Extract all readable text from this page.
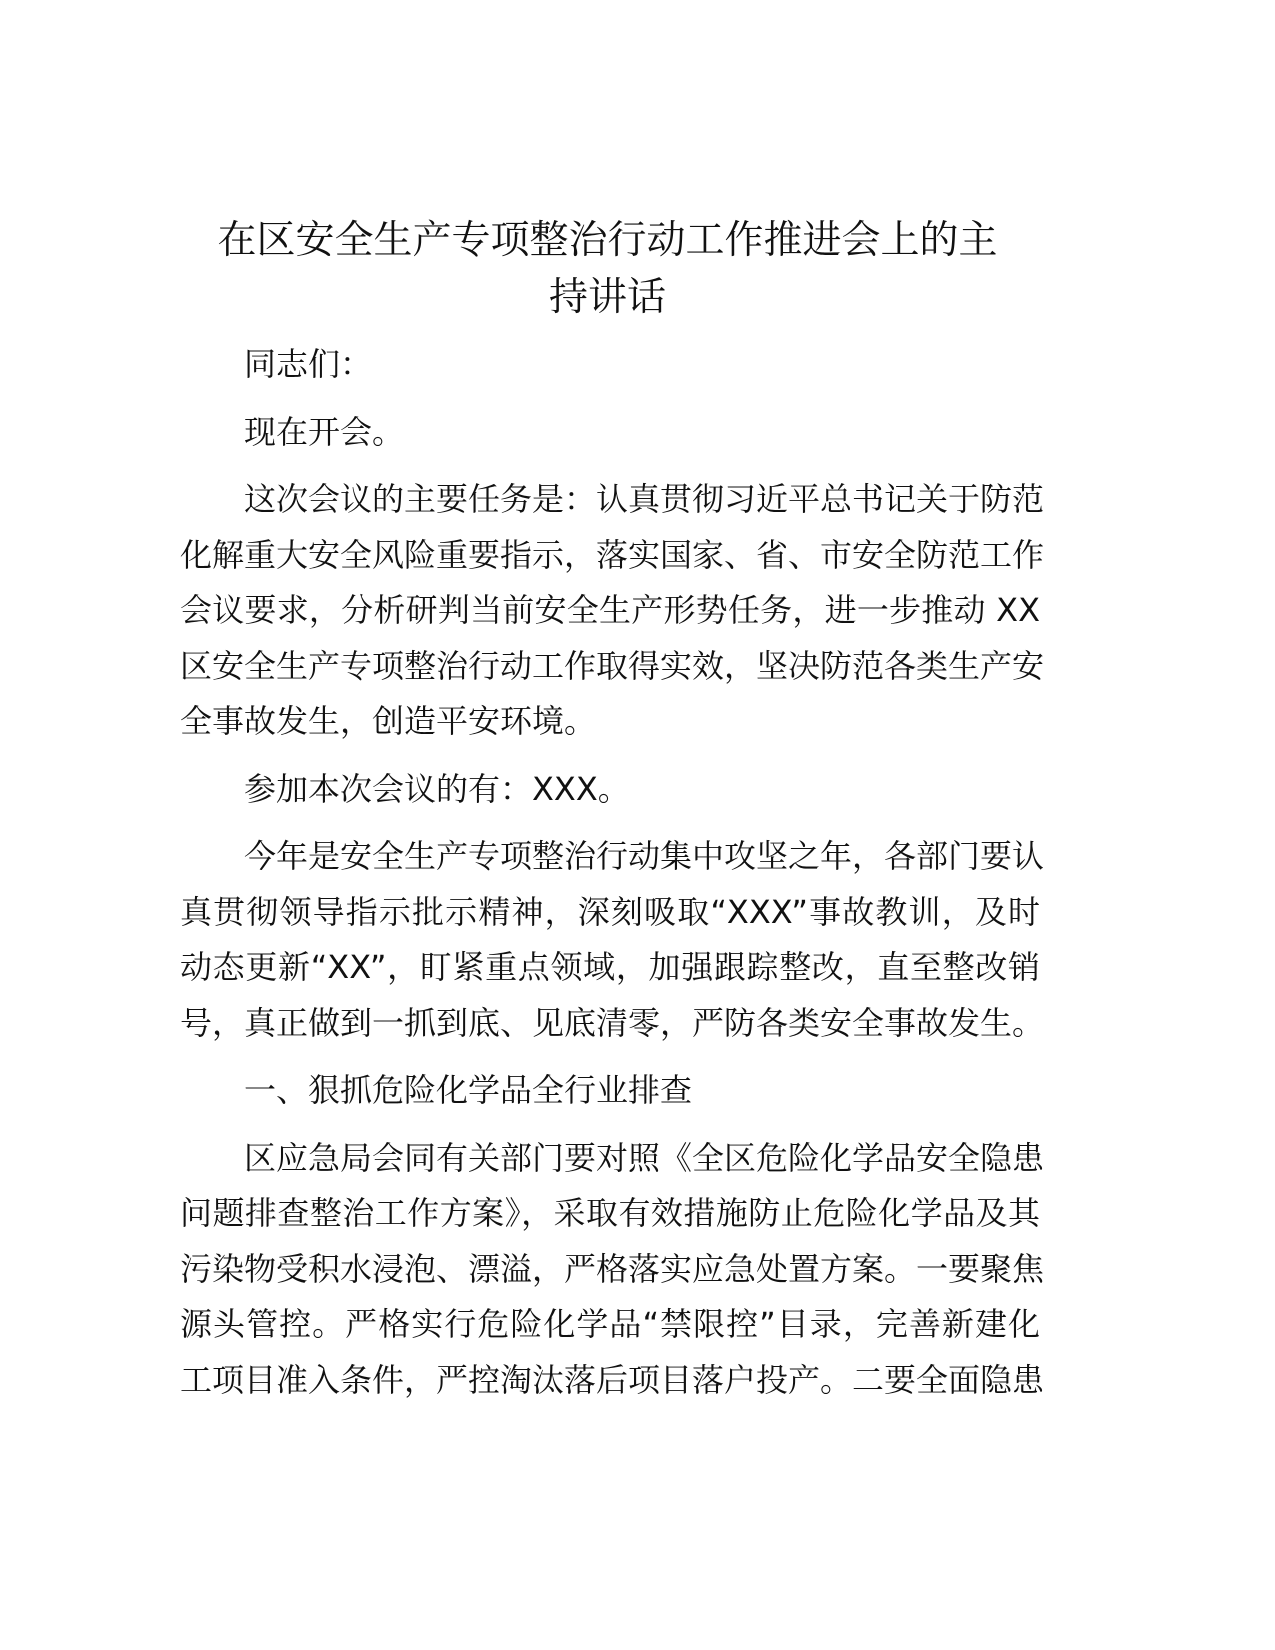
在区安全生产专项整治行动工作推进会上的主
持讲话
同志们：
现在开会。
这次会议的主要任务是：认真贯彻习近平总书记关于防范
化解重大安全风险重要指示，落实国家、省、市安全防范工作
会议要求，分析研判当前安全生产形势任务，进一步推动 XX
区安全生产专项整治行动工作取得实效，坚决防范各类生产安
全事故发生，创造平安环境。
参加本次会议的有：XXX。
今年是安全生产专项整治行动集中攻坚之年，各部门要认
真贯彻领导指示批示精神，深刻吸取“XXX”事故教训，及时
动态更新“XX”，盯紧重点领域，加强跟踪整改，直至整改销
号，真正做到一抓到底、见底清零，严防各类安全事故发生。
一、狠抓危险化学品全行业排查
区应急局会同有关部门要对照《全区危险化学品安全隐患
问题排查整治工作方案》，采取有效措施防止危险化学品及其
污染物受积水浸泡、漂溢，严格落实应急处置方案。一要聚焦
源头管控。严格实行危险化学品“禁限控”目录，完善新建化
工项目准入条件，严控淘汰落后项目落户投产。二要全面隐患
